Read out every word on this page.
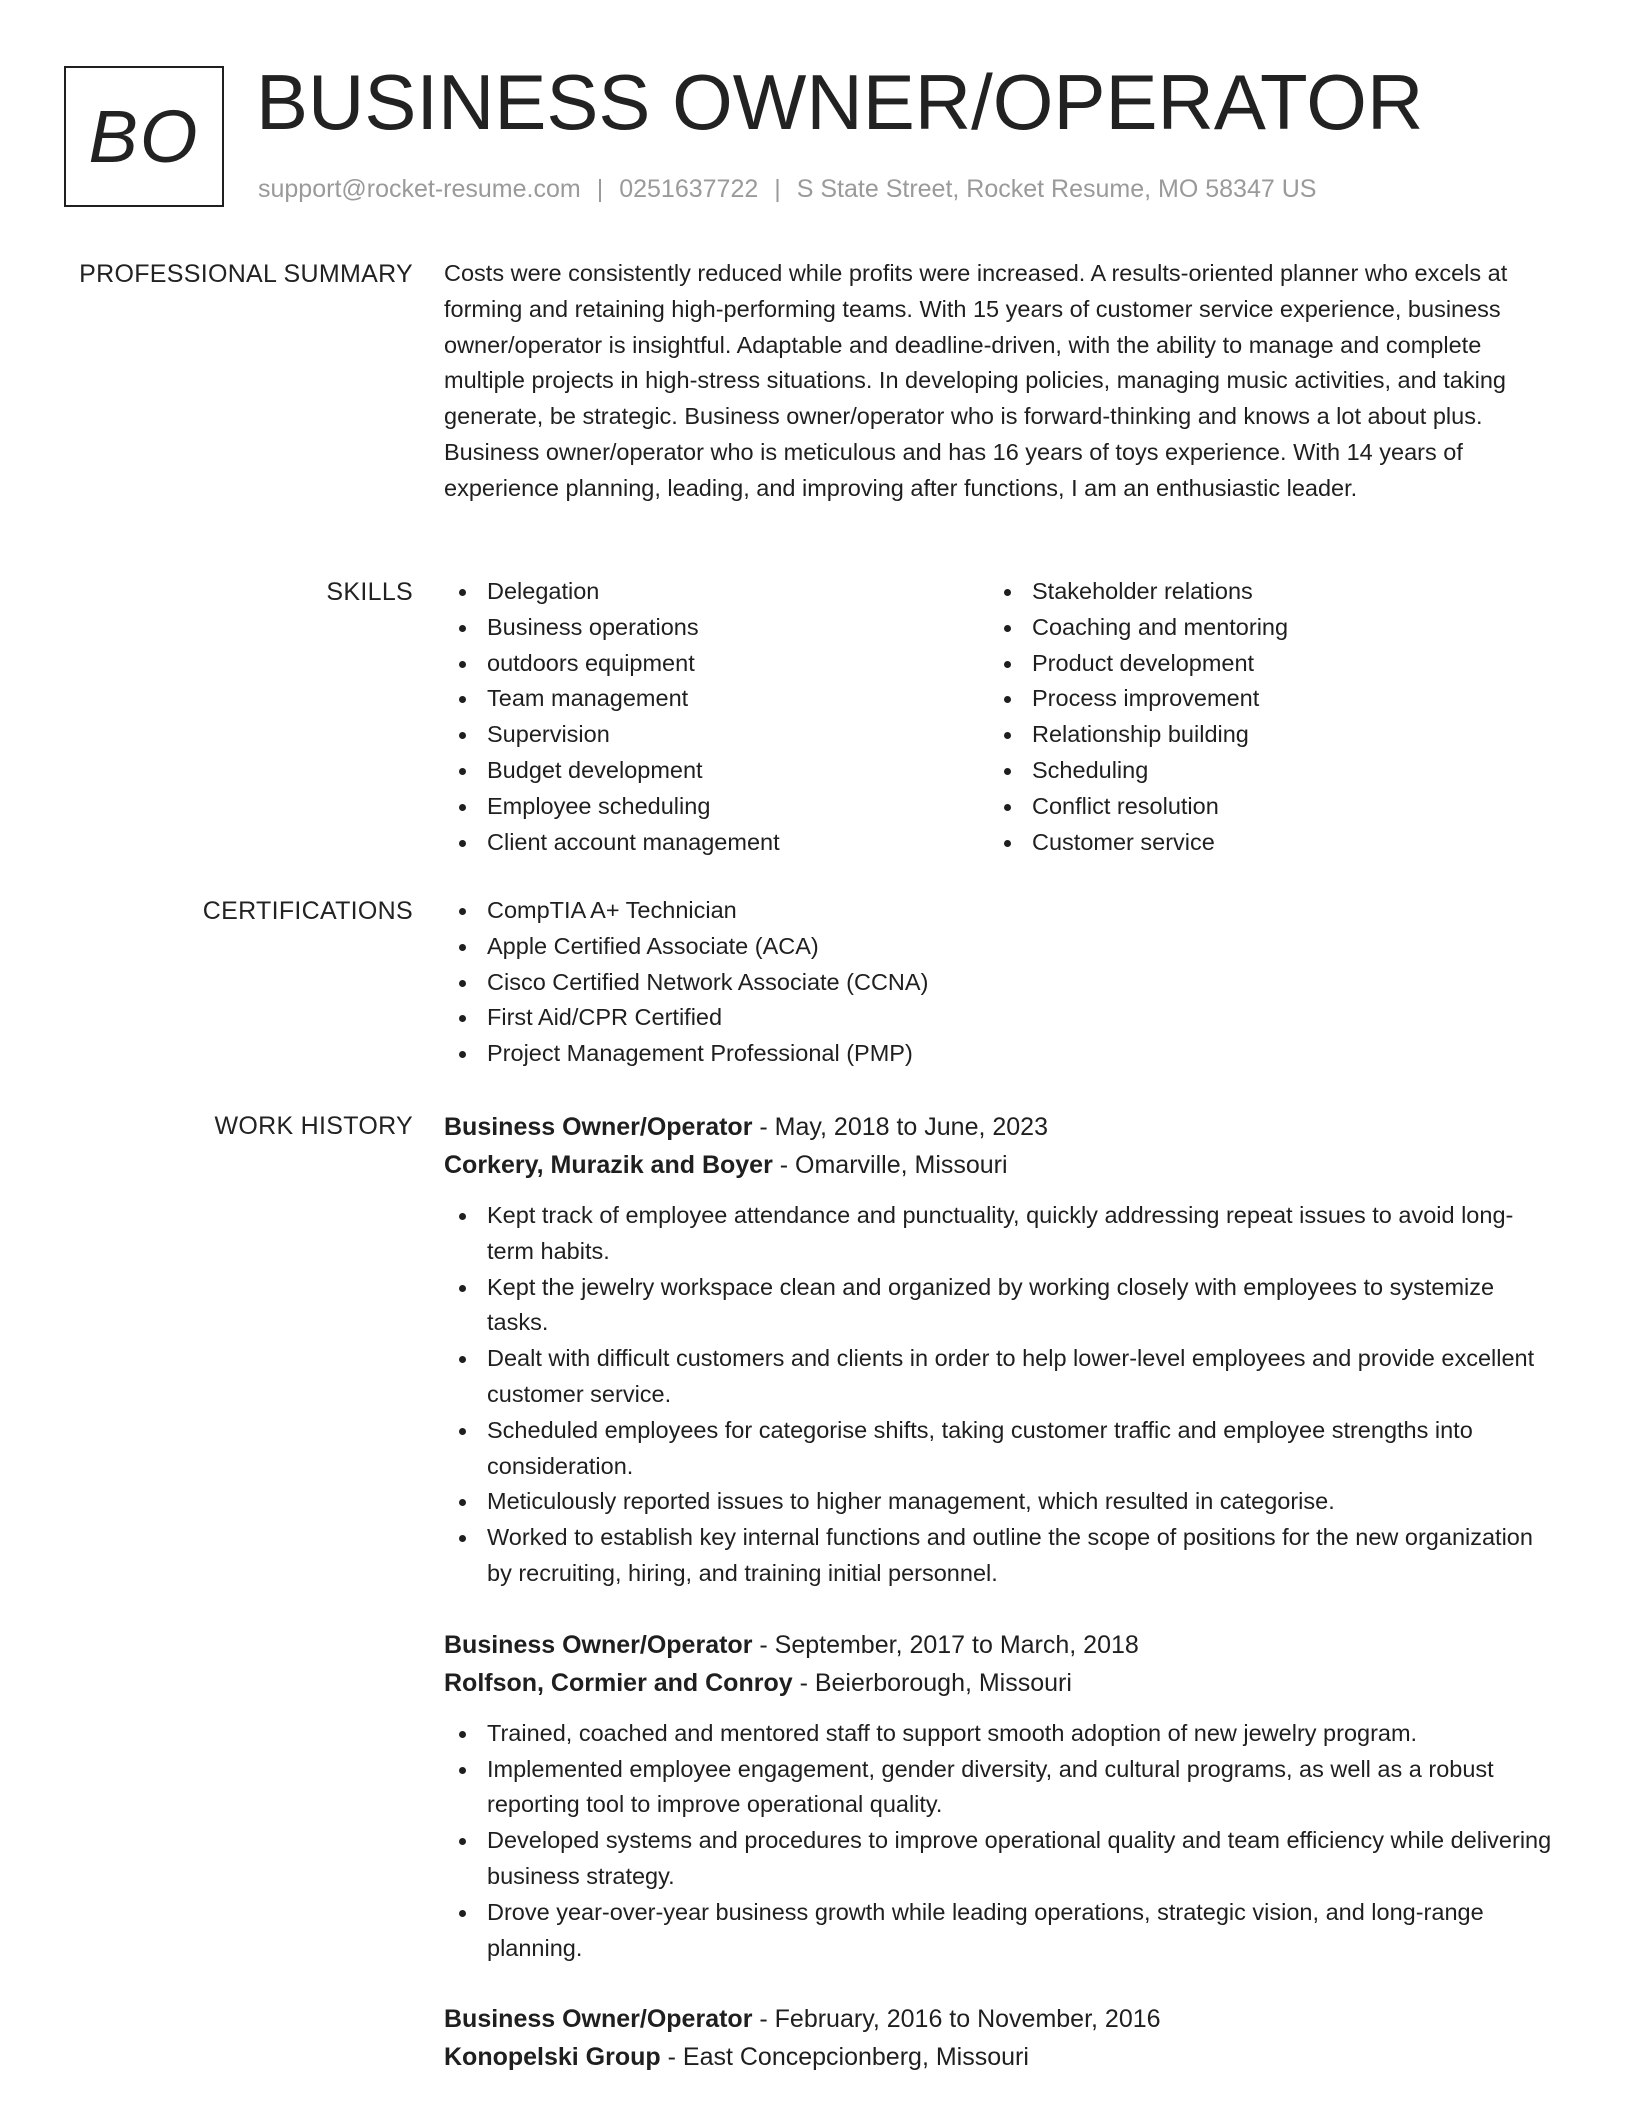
BO BUSINESS OWNER/OPERATOR
support@rocket-resume.com | 0251637722 | S State Street, Rocket Resume, MO 58347 US
PROFESSIONAL SUMMARY Costs were consistently reduced while profits were increased. A results-oriented planner who excels at forming and retaining high-performing teams. With 15 years of customer service experience, business owner/operator is insightful. Adaptable and deadline-driven, with the ability to manage and complete multiple projects in high-stress situations. In developing policies, managing music activities, and taking generate, be strategic. Business owner/operator who is forward-thinking and knows a lot about plus. Business owner/operator who is meticulous and has 16 years of toys experience. With 14 years of experience planning, leading, and improving after functions, I am an enthusiastic leader.

SKILLS	Delegation
Business operations
outdoors equipment
Team management
Supervision
Budget development
Employee scheduling
Client account management
Stakeholder relations
Coaching and mentoring
Product development
Process improvement
Relationship building
Scheduling
Conflict resolution
Customer service
CERTIFICATIONS	CompTIA A+ Technician
Apple Certified Associate (ACA)
Cisco Certified Network Associate (CCNA)
First Aid/CPR Certified
Project Management Professional (PMP)
WORK HISTORY Business Owner/Operator - May, 2018 to June, 2023
Corkery, Murazik and Boyer - Omarville, Missouri
Kept track of employee attendance and punctuality, quickly addressing repeat issues to avoid long-term habits.
Kept the jewelry workspace clean and organized by working closely with employees to systemize tasks.
Dealt with difficult customers and clients in order to help lower-level employees and provide excellent customer service.
Scheduled employees for categorise shifts, taking customer traffic and employee strengths into consideration.
Meticulously reported issues to higher management, which resulted in categorise.
Worked to establish key internal functions and outline the scope of positions for the new organization by recruiting, hiring, and training initial personnel.
Business Owner/Operator - September, 2017 to March, 2018
Rolfson, Cormier and Conroy - Beierborough, Missouri
Trained, coached and mentored staff to support smooth adoption of new jewelry program.
Implemented employee engagement, gender diversity, and cultural programs, as well as a robust reporting tool to improve operational quality.
Developed systems and procedures to improve operational quality and team efficiency while delivering business strategy.
Drove year-over-year business growth while leading operations, strategic vision, and long-range planning.
Business Owner/Operator - February, 2016 to November, 2016
Konopelski Group - East Concepcionberg, Missouri
